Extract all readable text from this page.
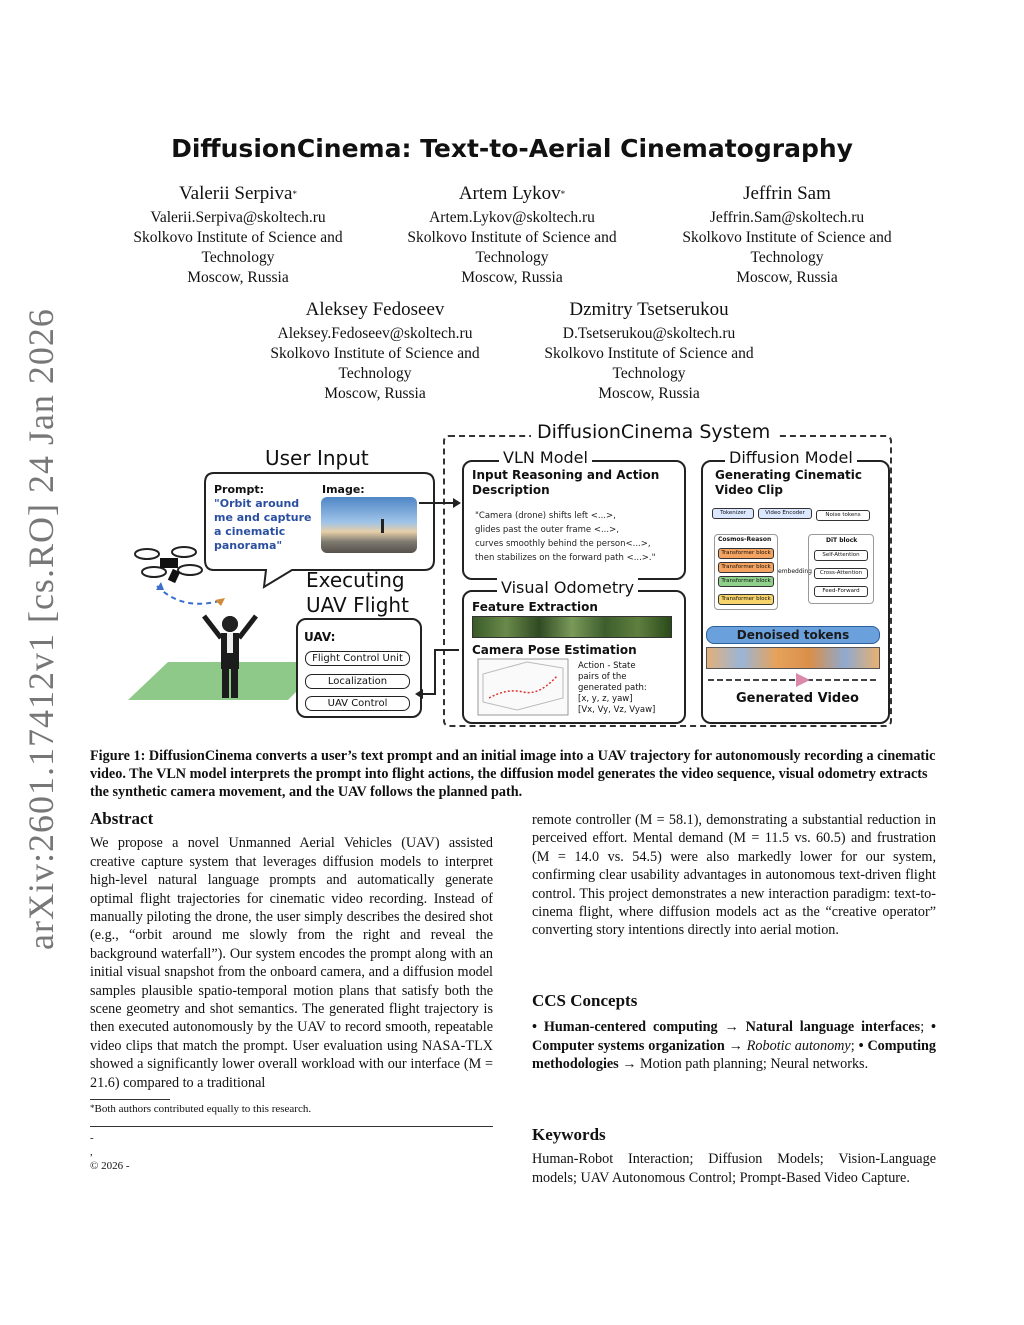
arXiv:2601.17412v1 [cs.RO] 24 Jan 2026
DiffusionCinema: Text-to-Aerial Cinematography
Valerii Serpiva*
Valerii.Serpiva@skoltech.ru
Skolkovo Institute of Science and
Technology
Moscow, Russia
Artem Lykov*
Artem.Lykov@skoltech.ru
Skolkovo Institute of Science and
Technology
Moscow, Russia
Jeffrin Sam
Jeffrin.Sam@skoltech.ru
Skolkovo Institute of Science and
Technology
Moscow, Russia
Aleksey Fedoseev
Aleksey.Fedoseev@skoltech.ru
Skolkovo Institute of Science and
Technology
Moscow, Russia
Dzmitry Tsetserukou
D.Tsetserukou@skoltech.ru
Skolkovo Institute of Science and
Technology
Moscow, Russia
DiffusionCinema System
User Input
Prompt:
"Orbit around me and capture a cinematic panorama"
Image:
Executing
UAV Flight
UAV:
Flight Control Unit
Localization
UAV Control
VLN Model
Input Reasoning and Action Description
"Camera (drone) shifts left <...>,
glides past the outer frame <...>,
curves smoothly behind the person<...>,
then stabilizes on the forward path <...>."
Visual Odometry
Feature Extraction
Camera Pose Estimation
Action - State
pairs of the
generated path:
[x, y, z, yaw]
[Vx, Vy, Vz, Vyaw]
Diffusion Model
Generating Cinematic Video Clip
Tokenizer	Video Encoder	Noise tokens
Cosmos-Reason
Transformer block
Transformer block
Transformer block
Transformer block
embedding
DiT block
Self-Attention
Cross-Attention
Feed-Forward
Denoised tokens
Generated Video
Figure 1: DiffusionCinema converts a user’s text prompt and an initial image into a UAV trajectory for autonomously recording a cinematic video. The VLN model interprets the prompt into flight actions, the diffusion model generates the video sequence, visual odometry extracts the synthetic camera movement, and the UAV follows the planned path.
Abstract
We propose a novel Unmanned Aerial Vehicles (UAV) assisted creative capture system that leverages diffusion models to interpret high-level natural language prompts and automatically generate optimal flight trajectories for cinematic video recording. Instead of manually piloting the drone, the user simply describes the desired shot (e.g., “orbit around me slowly from the right and reveal the background waterfall”). Our system encodes the prompt along with an initial visual snapshot from the onboard camera, and a diffusion model samples plausible spatio-temporal motion plans that satisfy both the scene geometry and shot semantics. The generated flight trajectory is then executed autonomously by the UAV to record smooth, repeatable video clips that match the prompt. User evaluation using NASA-TLX showed a significantly lower overall workload with our interface (M = 21.6) compared to a traditional
*Both authors contributed equally to this research.
-
,
© 2026 -
remote controller (M = 58.1), demonstrating a substantial reduction in perceived effort. Mental demand (M = 11.5 vs. 60.5) and frustration (M = 14.0 vs. 54.5) were also markedly lower for our system, confirming clear usability advantages in autonomous text-driven flight control. This project demonstrates a new interaction paradigm: text-to-cinema flight, where diffusion models act as the “creative operator” converting story intentions directly into aerial motion.
CCS Concepts
• Human-centered computing → Natural language interfaces; • Computer systems organization → Robotic autonomy; • Computing methodologies → Motion path planning; Neural networks.
Keywords
Human-Robot Interaction; Diffusion Models; Vision-Language models; UAV Autonomous Control; Prompt-Based Video Capture.
